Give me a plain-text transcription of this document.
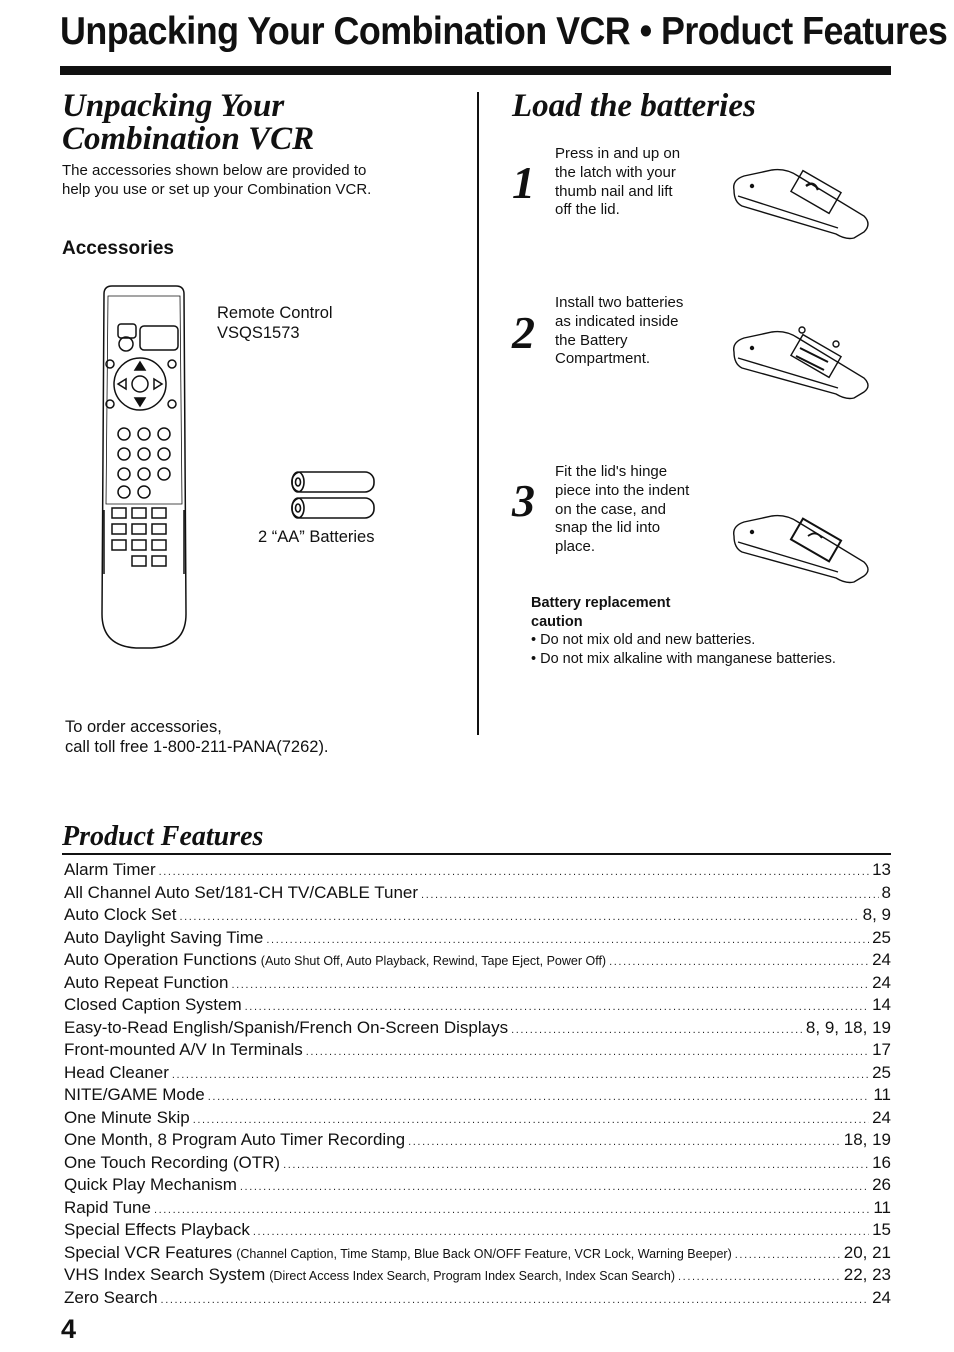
Unpacking Your Combination VCR • Product Features
Unpacking Your
Combination VCR
The accessories shown below are provided to
help you use or set up your Combination VCR.
Accessories
Remote Control
VSQS1573
2 “AA” Batteries
To order accessories,
call toll free 1-800-211-PANA(7262).
Load the batteries
1
Press in and up on
the latch with your
thumb nail and lift
off the lid.
2
Install two batteries
as indicated inside
the Battery
Compartment.
3
Fit the lid's hinge
piece into the indent
on the case, and
snap the lid into
place.
Battery replacement
caution
• Do not mix old and new batteries.
• Do not mix alkaline with manganese batteries.
Product Features
Alarm Timer .....	13
All Channel Auto Set/181-CH TV/CABLE Tuner .....	8
Auto Clock Set .....	8, 9
Auto Daylight Saving Time .....	25
Auto Operation Functions (Auto Shut Off, Auto Playback, Rewind, Tape Eject, Power Off) .....	24
Auto Repeat Function .....	24
Closed Caption System .....	14
Easy-to-Read English/Spanish/French On-Screen Displays .....	8, 9, 18, 19
Front-mounted A/V In Terminals .....	17
Head Cleaner .....	25
NITE/GAME Mode .....	11
One Minute Skip .....	24
One Month, 8 Program Auto Timer Recording .....	18, 19
One Touch Recording (OTR) .....	16
Quick Play Mechanism .....	26
Rapid Tune .....	11
Special Effects Playback .....	15
Special VCR Features (Channel Caption, Time Stamp, Blue Back ON/OFF Feature, VCR Lock, Warning Beeper) .....	20, 21
VHS Index Search System (Direct Access Index Search, Program Index Search, Index Scan Search) .....	22, 23
Zero Search .....	24
4
